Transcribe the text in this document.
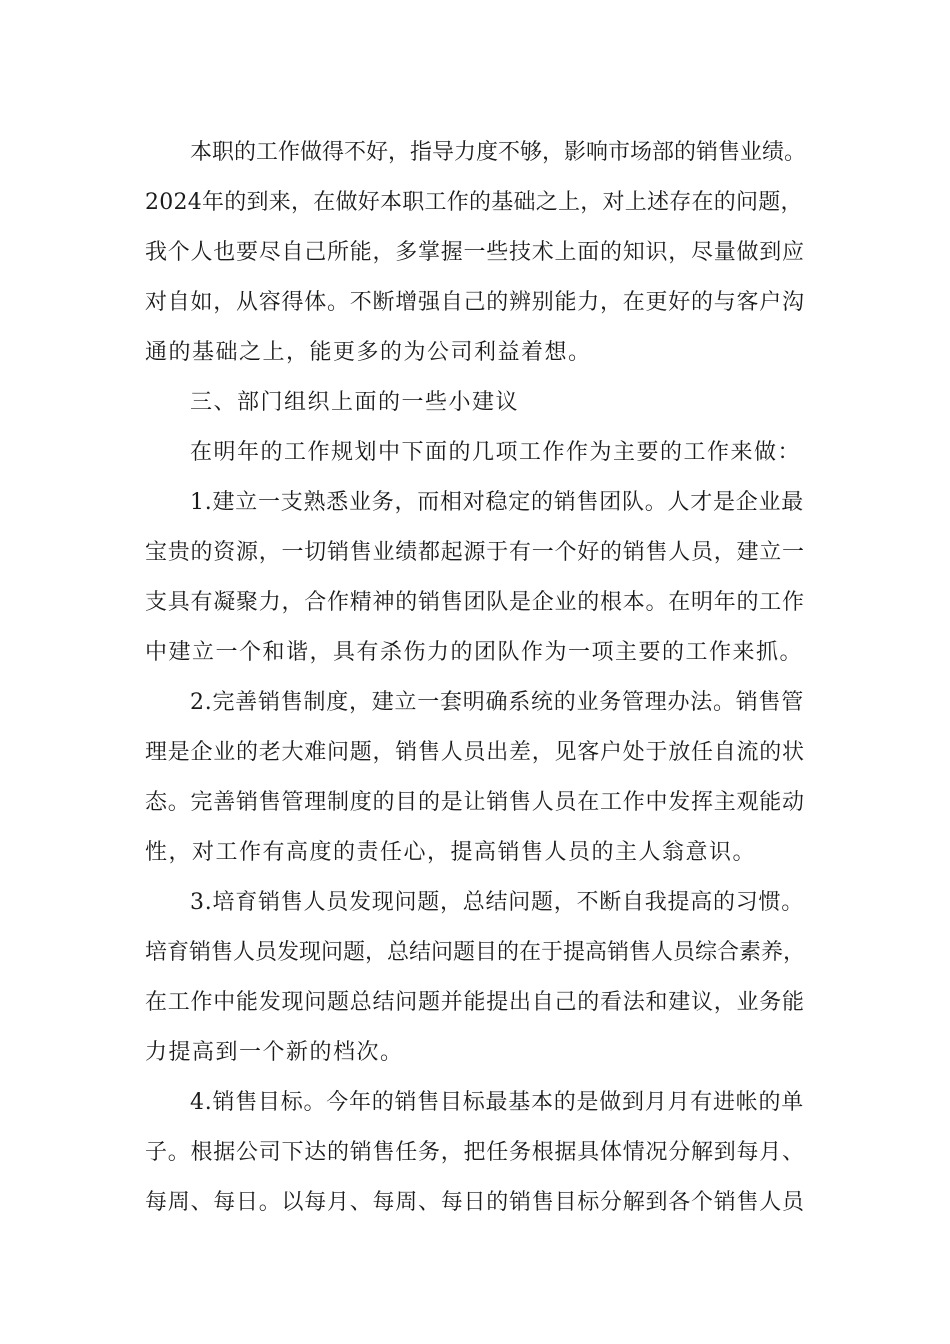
本职的工作做得不好，指导力度不够，影响市场部的销售业绩。
2024年的到来，在做好本职工作的基础之上，对上述存在的问题，
我个人也要尽自己所能，多掌握一些技术上面的知识，尽量做到应
对自如，从容得体。不断增强自己的辨别能力，在更好的与客户沟
通的基础之上，能更多的为公司利益着想。
三、部门组织上面的一些小建议
在明年的工作规划中下面的几项工作作为主要的工作来做：
1.建立一支熟悉业务，而相对稳定的销售团队。人才是企业最
宝贵的资源，一切销售业绩都起源于有一个好的销售人员，建立一
支具有凝聚力，合作精神的销售团队是企业的根本。在明年的工作
中建立一个和谐，具有杀伤力的团队作为一项主要的工作来抓。
2.完善销售制度，建立一套明确系统的业务管理办法。销售管
理是企业的老大难问题，销售人员出差，见客户处于放任自流的状
态。完善销售管理制度的目的是让销售人员在工作中发挥主观能动
性，对工作有高度的责任心，提高销售人员的主人翁意识。
3.培育销售人员发现问题，总结问题，不断自我提高的习惯。
培育销售人员发现问题，总结问题目的在于提高销售人员综合素养，
在工作中能发现问题总结问题并能提出自己的看法和建议，业务能
力提高到一个新的档次。
4.销售目标。今年的销售目标最基本的是做到月月有进帐的单
子。根据公司下达的销售任务，把任务根据具体情况分解到每月、
每周、每日。以每月、每周、每日的销售目标分解到各个销售人员
